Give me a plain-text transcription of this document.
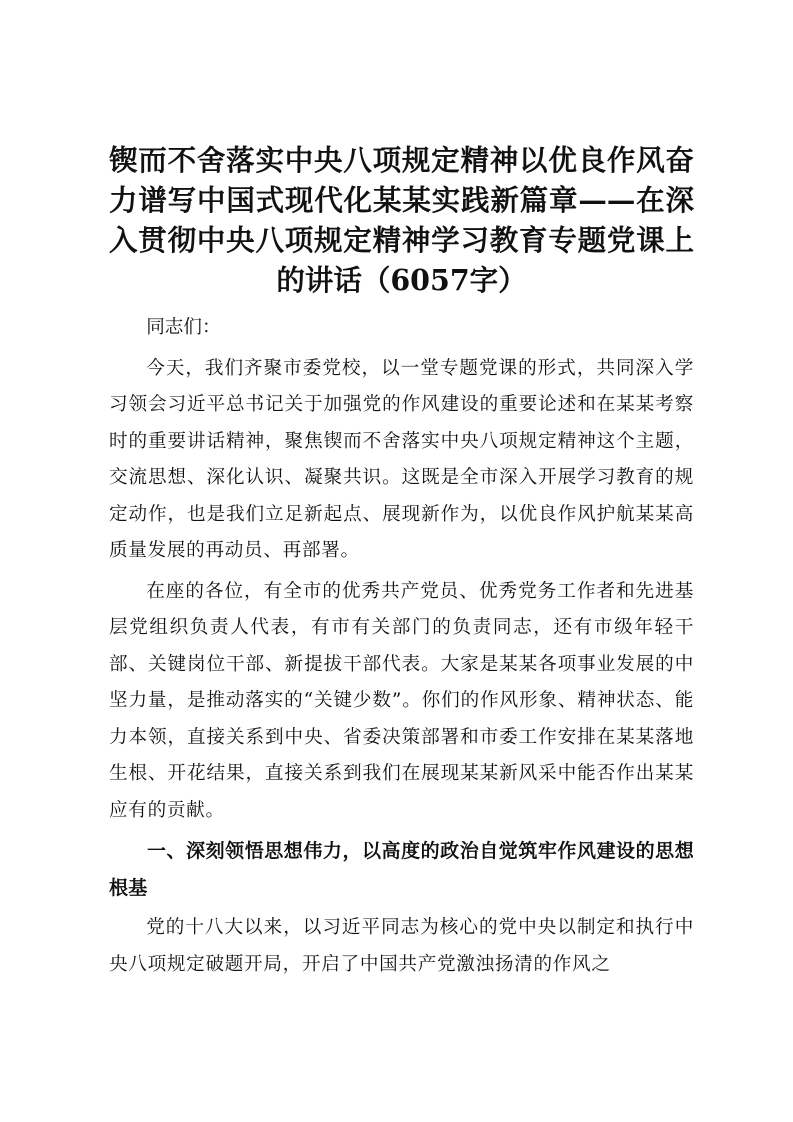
锲而不舍落实中央八项规定精神以优良作风奋力谱写中国式现代化某某实践新篇章——在深入贯彻中央八项规定精神学习教育专题党课上的讲话（6057字）

同志们：

今天，我们齐聚市委党校，以一堂专题党课的形式，共同深入学习领会习近平总书记关于加强党的作风建设的重要论述和在某某考察时的重要讲话精神，聚焦锲而不舍落实中央八项规定精神这个主题，交流思想、深化认识、凝聚共识。这既是全市深入开展学习教育的规定动作，也是我们立足新起点、展现新作为，以优良作风护航某某高质量发展的再动员、再部署。

在座的各位，有全市的优秀共产党员、优秀党务工作者和先进基层党组织负责人代表，有市有关部门的负责同志，还有市级年轻干部、关键岗位干部、新提拔干部代表。大家是某某各项事业发展的中坚力量，是推动落实的“关键少数”。你们的作风形象、精神状态、能力本领，直接关系到中央、省委决策部署和市委工作安排在某某落地生根、开花结果，直接关系到我们在展现某某新风采中能否作出某某应有的贡献。

一、深刻领悟思想伟力，以高度的政治自觉筑牢作风建设的思想根基

党的十八大以来，以习近平同志为核心的党中央以制定和执行中央八项规定破题开局，开启了中国共产党激浊扬清的作风之
